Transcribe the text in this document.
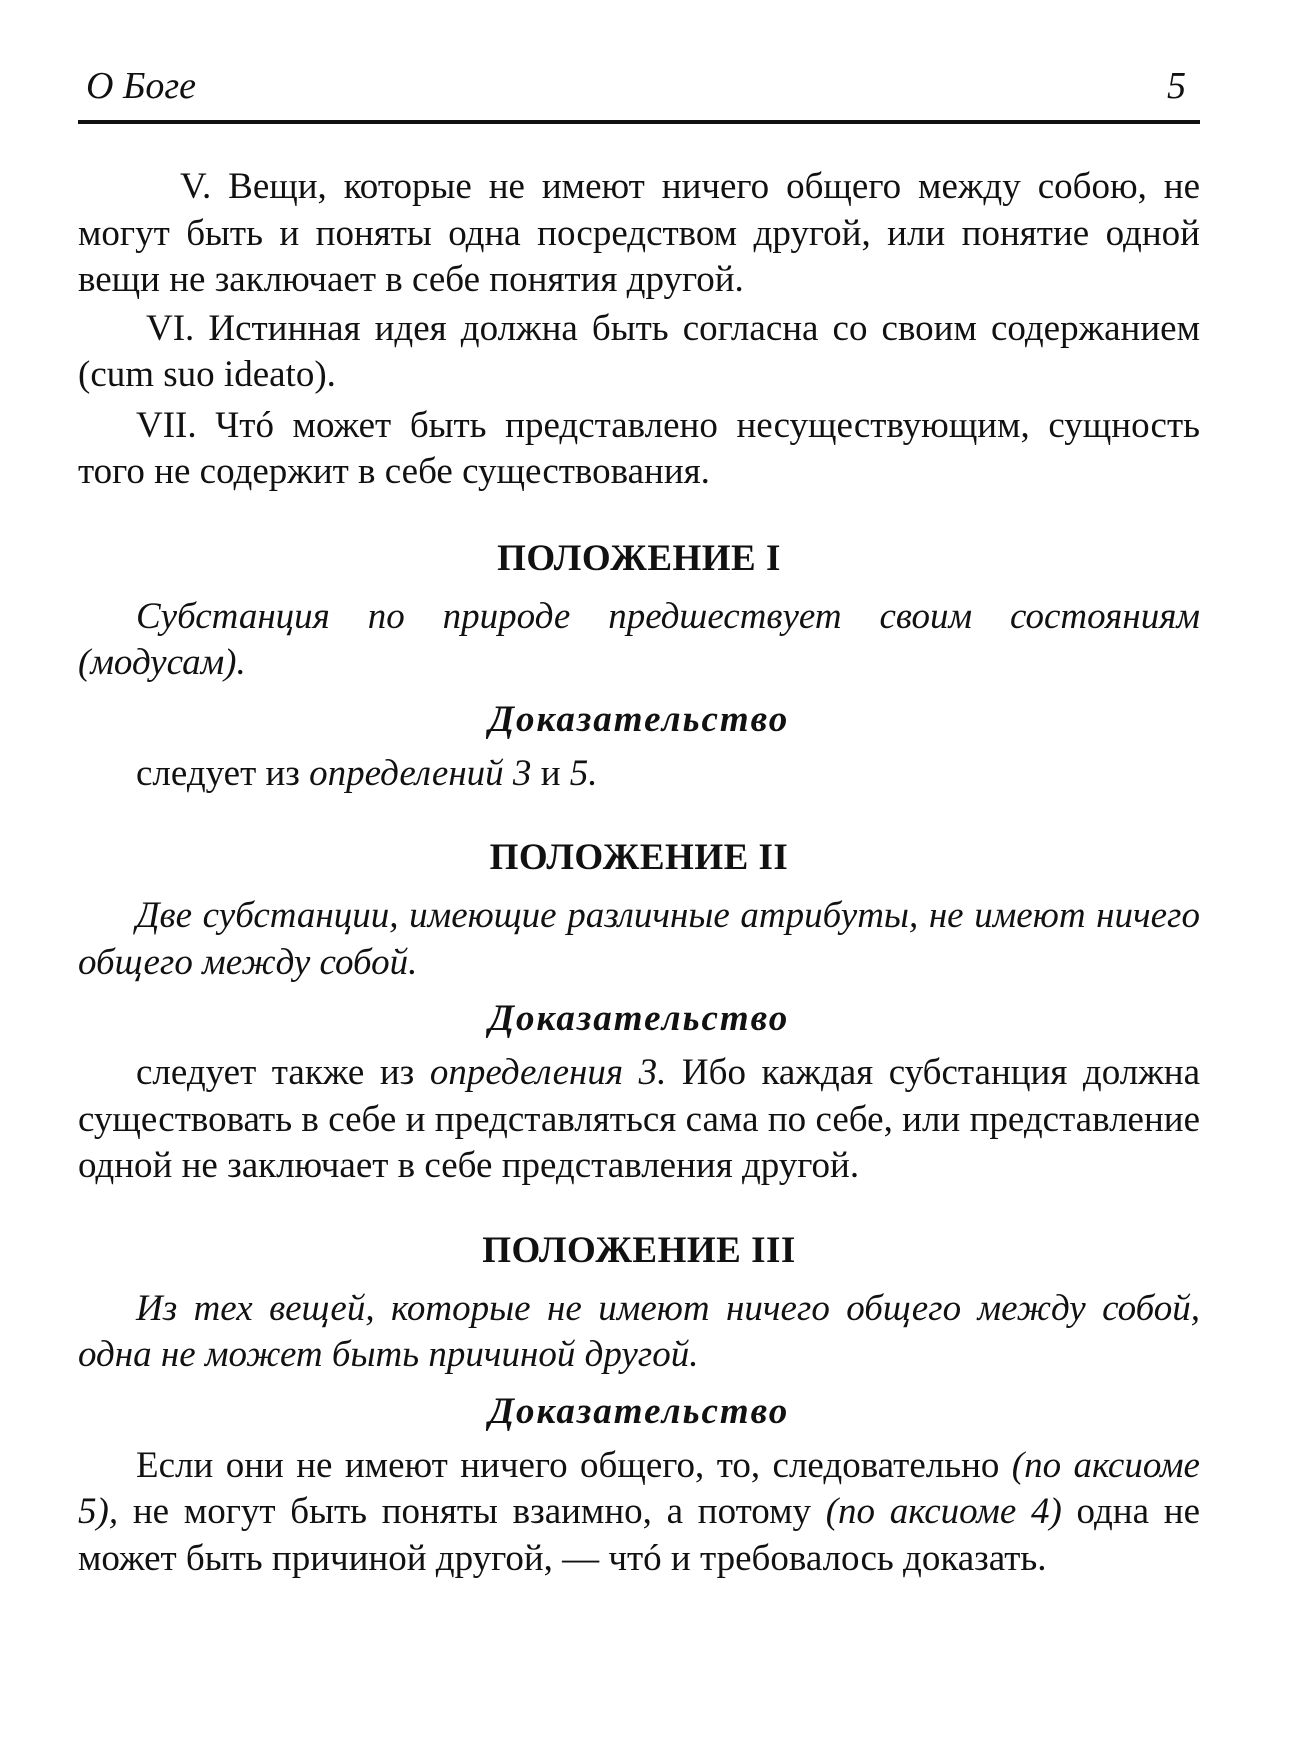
О Боге	5

V. Вещи, которые не имеют ничего общего между собою, не могут быть и поняты одна посредством другой, или понятие одной вещи не заключает в себе понятия другой.

VI. Истинная идея должна быть согласна со своим содержанием (cum suo ideato).

VII. Чтó может быть представлено несуществующим, сущность того не содержит в себе существования.

ПОЛОЖЕНИЕ I

Субстанция по природе предшествует своим состояниям (модусам).

Доказательство

следует из определений 3 и 5.

ПОЛОЖЕНИЕ II

Две субстанции, имеющие различные атрибуты, не имеют ничего общего между собой.

Доказательство

следует также из определения 3. Ибо каждая субстанция должна существовать в себе и представляться сама по себе, или представление одной не заключает в себе представления другой.

ПОЛОЖЕНИЕ III

Из тех вещей, которые не имеют ничего общего между собой, одна не может быть причиной другой.

Доказательство

Если они не имеют ничего общего, то, следовательно (по аксиоме 5), не могут быть поняты взаимно, а потому (по аксиоме 4) одна не может быть причиной другой, — чтó и требовалось доказать.
